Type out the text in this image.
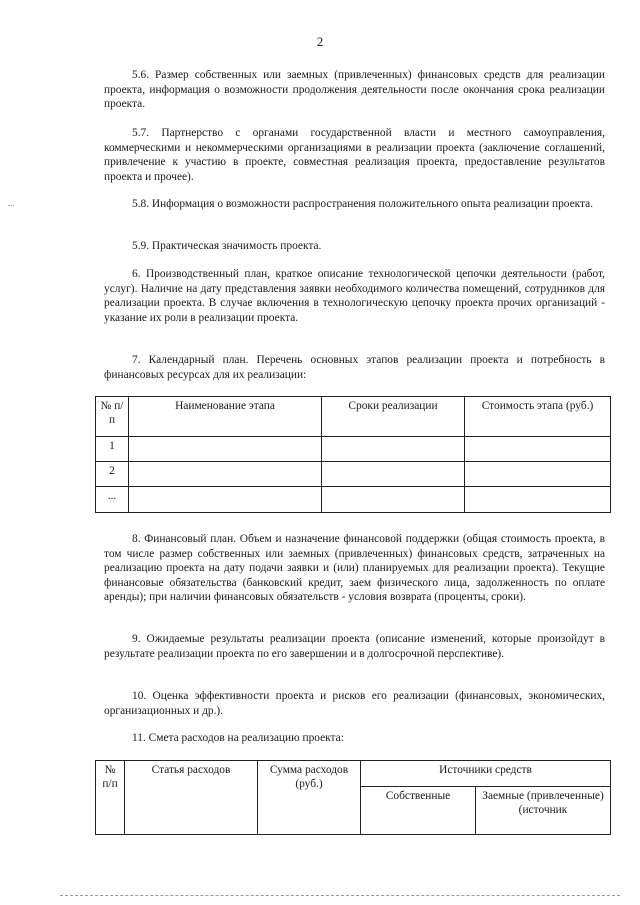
2
5.6. Размер собственных или заемных (привлеченных) финансовых средств для реализации проекта, информация о возможности продолжения деятельности после окончания срока реализации проекта.
5.7. Партнерство с органами государственной власти и местного самоуправления, коммерческими и некоммерческими организациями в реализации проекта (заключение соглашений, привлечение к участию в проекте, совместная реализация проекта, предоставление результатов проекта и прочее).
5.8. Информация о возможности распространения положительного опыта реализации проекта.
5.9. Практическая значимость проекта.
6. Производственный план, краткое описание технологической цепочки деятельности (работ, услуг). Наличие на дату представления заявки необходимого количества помещений, сотрудников для реализации проекта. В случае включения в технологическую цепочку проекта прочих организаций - указание их роли в реализации проекта.
7. Календарный план. Перечень основных этапов реализации проекта и потребность в финансовых ресурсах для их реализации:
№ п/п	Наименование этапа	Сроки реализации	Стоимость этапа (руб.)
1			
2			
...			
8. Финансовый план. Объем и назначение финансовой поддержки (общая стоимость проекта, в том числе размер собственных или заемных (привлеченных) финансовых средств, затраченных на реализацию проекта на дату подачи заявки и (или) планируемых для реализации проекта). Текущие финансовые обязательства (банковский кредит, заем физического лица, задолженность по оплате аренды); при наличии финансовых обязательств - условия возврата (проценты, сроки).
9. Ожидаемые результаты реализации проекта (описание изменений, которые произойдут в результате реализации проекта по его завершении и в долгосрочной перспективе).
10. Оценка эффективности проекта и рисков его реализации (финансовых, экономических, организационных и др.).
11. Смета расходов на реализацию проекта:
№ п/п	Статья расходов	Сумма расходов (руб.)	Источники средств	
			Собственные	Заемные (привлеченные) (источник
